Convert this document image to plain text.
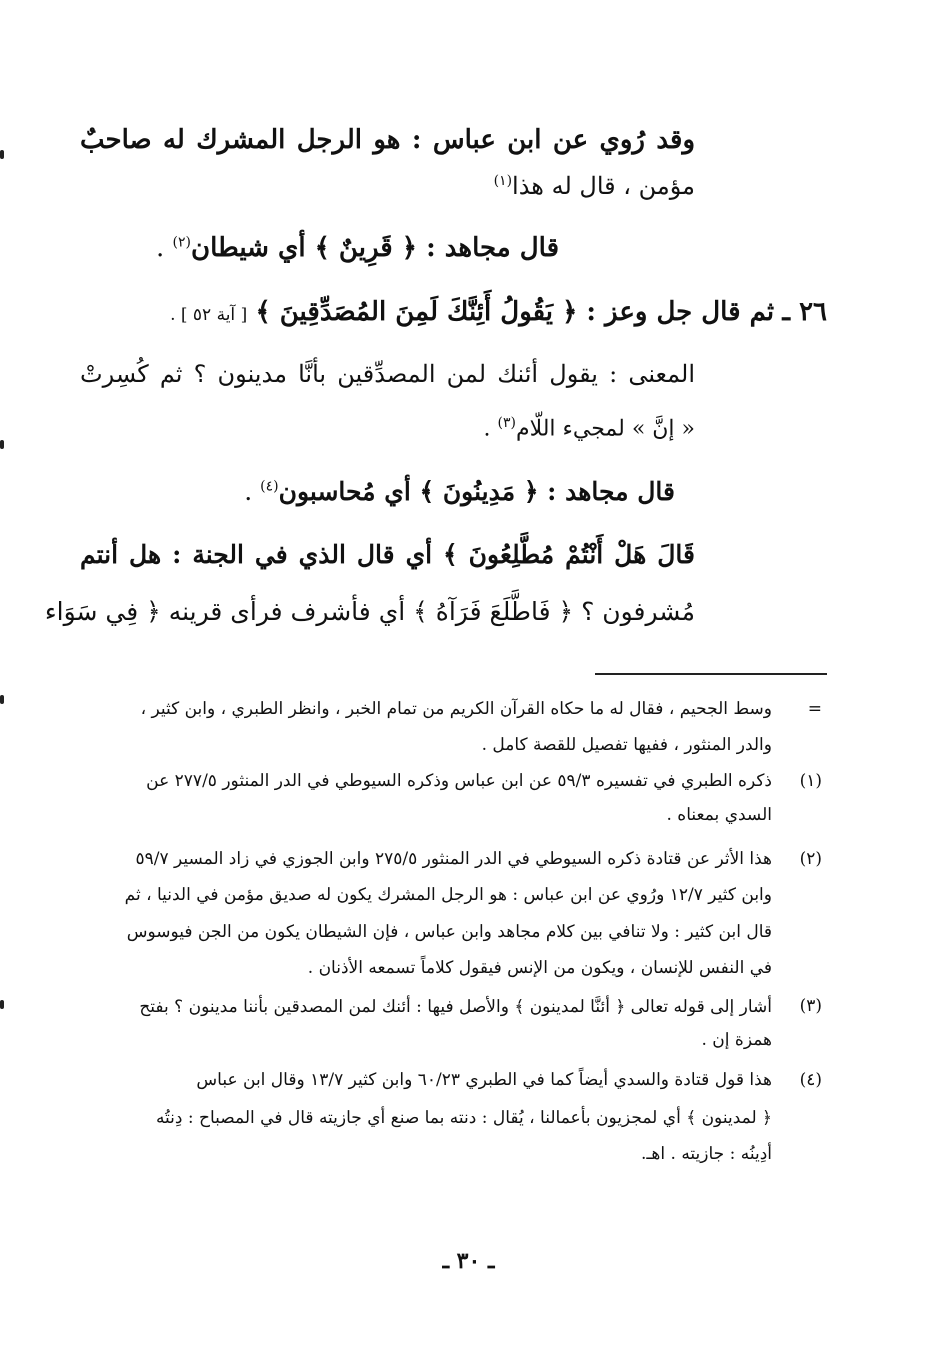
وقد رُوي عن ابن عباس : هو الرجل المشرك له صاحبٌ
مؤمن ، قال له هذا$^{(١)}$
قال مجاهد : ﴿ قَرِينٌ ﴾ أي شيطان$^{(٢)}$ .
٢٦ ـ ثم قال جل وعز : ﴿ يَقُولُ أَئِنَّكَ لَمِنَ المُصَدِّقِينَ ﴾ [ آية ٥٢ ] .
المعنى : يقول أئنك لمن المصدِّقين بأنَّا مدينون ؟ ثم كُسِرتْ
« إنَّ » لمجيء اللّام$^{(٣)}$ .
قال مجاهد : ﴿ مَدِينُونَ ﴾ أي مُحاسبون$^{(٤)}$ .
قَالَ هَلْ أَنْتُمْ مُطَّلِعُونَ ﴾ أي قال الذي في الجنة : هل أنتم
مُشرفون ؟ ﴿ فَاطَّلَعَ فَرَآهُ ﴾ أي فأشرف فرأى قرينه ﴿ فِي سَوَاء
=
وسط الجحيم ، فقال له ما حكاه القرآن الكريم من تمام الخبر ، وانظر الطبري ، وابن كثير ،
والدر المنثور ، ففيها تفصيل للقصة كامل .
(١)
ذكره الطبري في تفسيره ٥٩/٣ عن ابن عباس وذكره السيوطي في الدر المنثور ٢٧٧/٥ عن
السدي بمعناه .
(٢)
هذا الأثر عن قتادة ذكره السيوطي في الدر المنثور ٢٧٥/٥ وابن الجوزي في زاد المسير ٥٩/٧
وابن كثير ١٢/٧ ورُوي عن ابن عباس : هو الرجل المشرك يكون له صديق مؤمن في الدنيا ، ثم
قال ابن كثير : ولا تنافي بين كلام مجاهد وابن عباس ، فإن الشيطان يكون من الجن فيوسوس
في النفس للإنسان ، ويكون من الإنس فيقول كلاماً تسمعه الأذنان .
(٣)
أشار إلى قوله تعالى ﴿ أئنَّا لمدينون ﴾ والأصل فيها : أئنك لمن المصدقين بأننا مدينون ؟ بفتح
همزة إن .
(٤)
هذا قول قتادة والسدي أيضاً كما في الطبري ٦٠/٢٣ وابن كثير ١٣/٧ وقال ابن عباس
﴿ لمدينون ﴾ أي لمجزيون بأعمالنا ، يُقال : دنته بما صنع أي جازيته قال في المصباح : دِنتُه
أدِينُه : جازيته . اهـ.
ـ ٣٠ ـ
